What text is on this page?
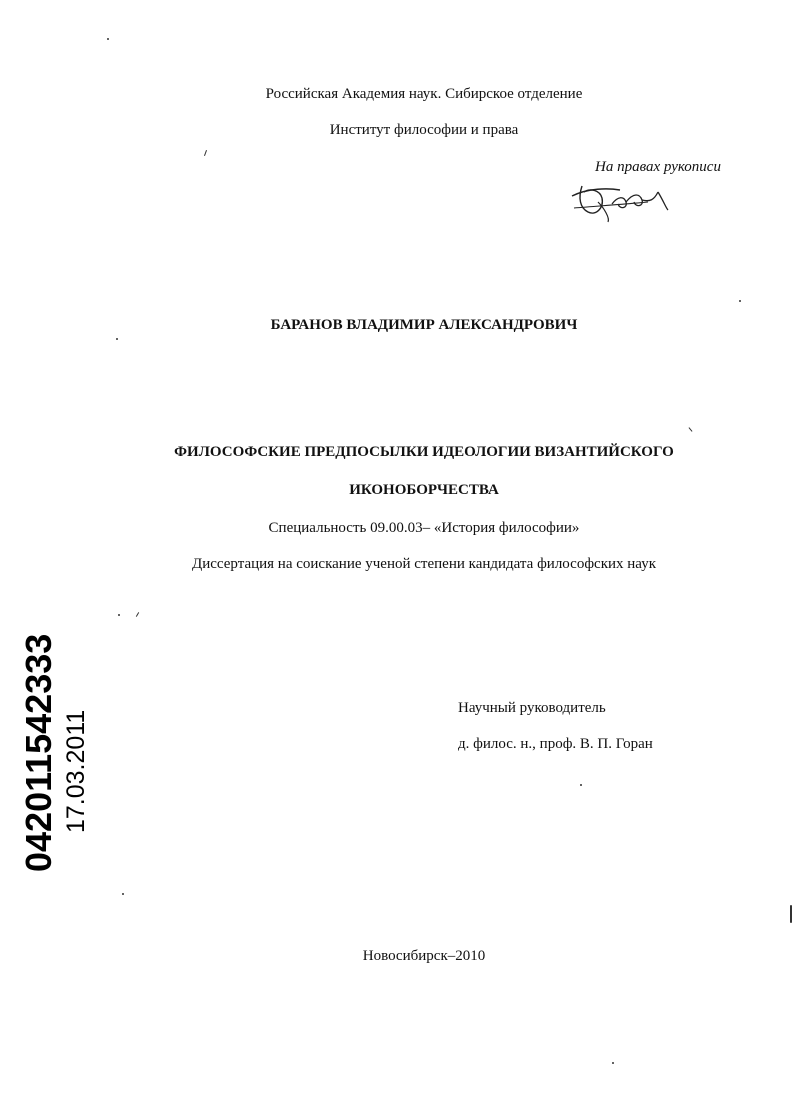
Российская Академия наук. Сибирское отделение
Институт философии и права
На правах рукописи
БАРАНОВ ВЛАДИМИР АЛЕКСАНДРОВИЧ
ФИЛОСОФСКИЕ ПРЕДПОСЫЛКИ ИДЕОЛОГИИ ВИЗАНТИЙСКОГО
ИКОНОБОРЧЕСТВА
Специальность 09.00.03– «История философии»
Диссертация на соискание ученой степени кандидата философских наук
Научный руководитель
д. филос. н., проф. В. П. Горан
Новосибирск–2010
042011542333 17.03.2011
